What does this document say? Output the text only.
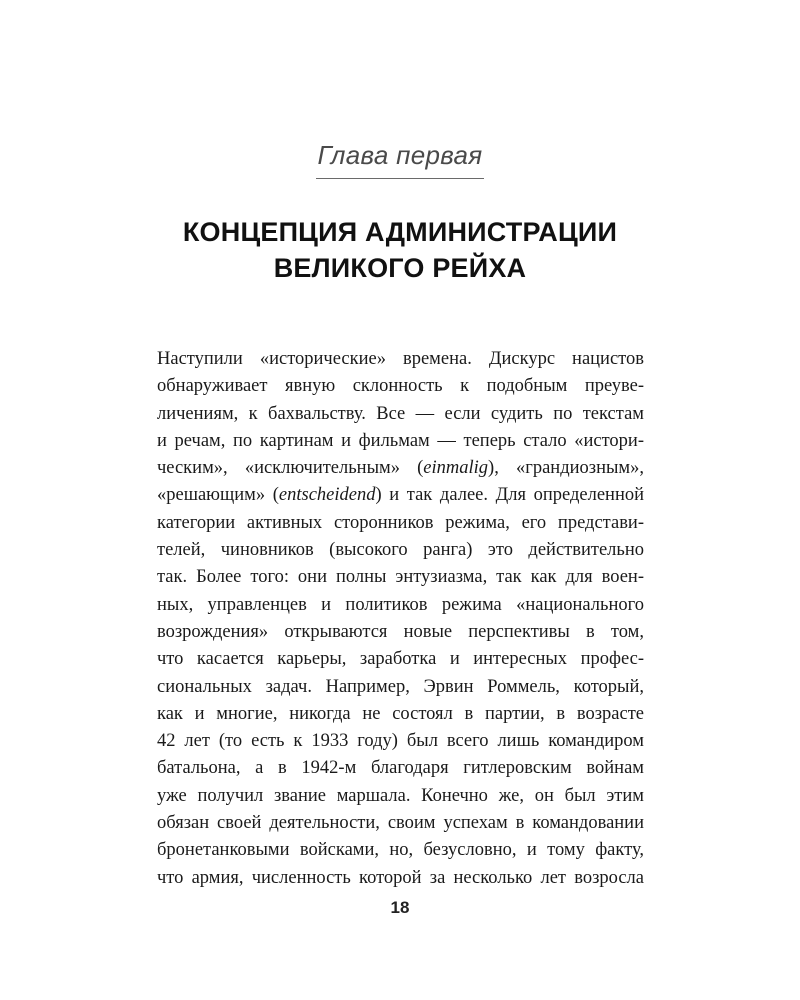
Глава первая
КОНЦЕПЦИЯ АДМИНИСТРАЦИИ
ВЕЛИКОГО РЕЙХА
Наступили «исторические» времена. Дискурс нацистов
обнаруживает явную склонность к подобным преуве-
личениям, к бахвальству. Все — если судить по текстам
и речам, по картинам и фильмам — теперь стало «истори-
ческим», «исключительным» (einmalig), «грандиозным»,
«решающим» (entscheidend) и так далее. Для определенной
категории активных сторонников режима, его представи-
телей, чиновников (высокого ранга) это действительно
так. Более того: они полны энтузиазма, так как для воен-
ных, управленцев и политиков режима «национального
возрождения» открываются новые перспективы в том,
что касается карьеры, заработка и интересных профес-
сиональных задач. Например, Эрвин Роммель, который,
как и многие, никогда не состоял в партии, в возрасте
42 лет (то есть к 1933 году) был всего лишь командиром
батальона, а в 1942-м благодаря гитлеровским войнам
уже получил звание маршала. Конечно же, он был этим
обязан своей деятельности, своим успехам в командовании
бронетанковыми войсками, но, безусловно, и тому факту,
что армия, численность которой за несколько лет возросла
18
